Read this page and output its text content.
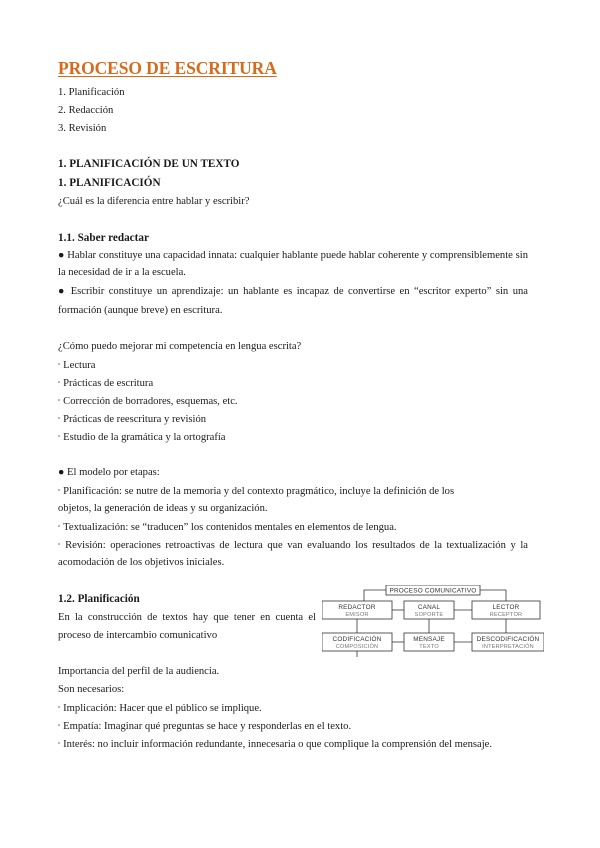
PROCESO DE ESCRITURA
1. Planificación
2. Redacción
3. Revisión
1. PLANIFICACIÓN DE UN TEXTO
1. PLANIFICACIÓN
¿Cuál es la diferencia entre hablar y escribir?
1.1. Saber redactar
● Hablar constituye una capacidad innata: cualquier hablante puede hablar coherente y comprensiblemente sin
la necesidad de ir a la escuela.
● Escribir constituye un aprendizaje: un hablante es incapaz de convertirse en “escritor experto” sin una
formación (aunque breve) en escritura.
¿Cómo puedo mejorar mi competencia en lengua escrita?
▫ Lectura
▫ Prácticas de escritura
▫ Corrección de borradores, esquemas, etc.
▫ Prácticas de reescritura y revisión
▫ Estudio de la gramática y la ortografía
● El modelo por etapas:
▫ Planificación: se nutre de la memoria y del contexto pragmático, incluye la definición de los
objetos, la generación de ideas y su organización.
▫ Textualización: se “traducen” los contenidos mentales en elementos de lengua.
▫ Revisión: operaciones retroactivas de lectura que van evaluando los resultados de la textualización y la
acomodación de los objetivos iniciales.
1.2. Planificación
En la construcción de textos hay que tener en cuenta el
proceso de intercambio comunicativo
PROCESO COMUNICATIVO
REDACTOR
EMISOR
CANAL
SOPORTE
LECTOR
RECEPTOR
CODIFICACIÓN
COMPOSICIÓN
MENSAJE
TEXTO
DESCODIFICACIÓN
INTERPRETACIÓN
Importancia del perfil de la audiencia.
Son necesarios:
▫ Implicación: Hacer que el público se implique.
▫ Empatía: Imaginar qué preguntas se hace y responderlas en el texto.
▫ Interés: no incluir información redundante, innecesaria o que complique la comprensión del mensaje.
